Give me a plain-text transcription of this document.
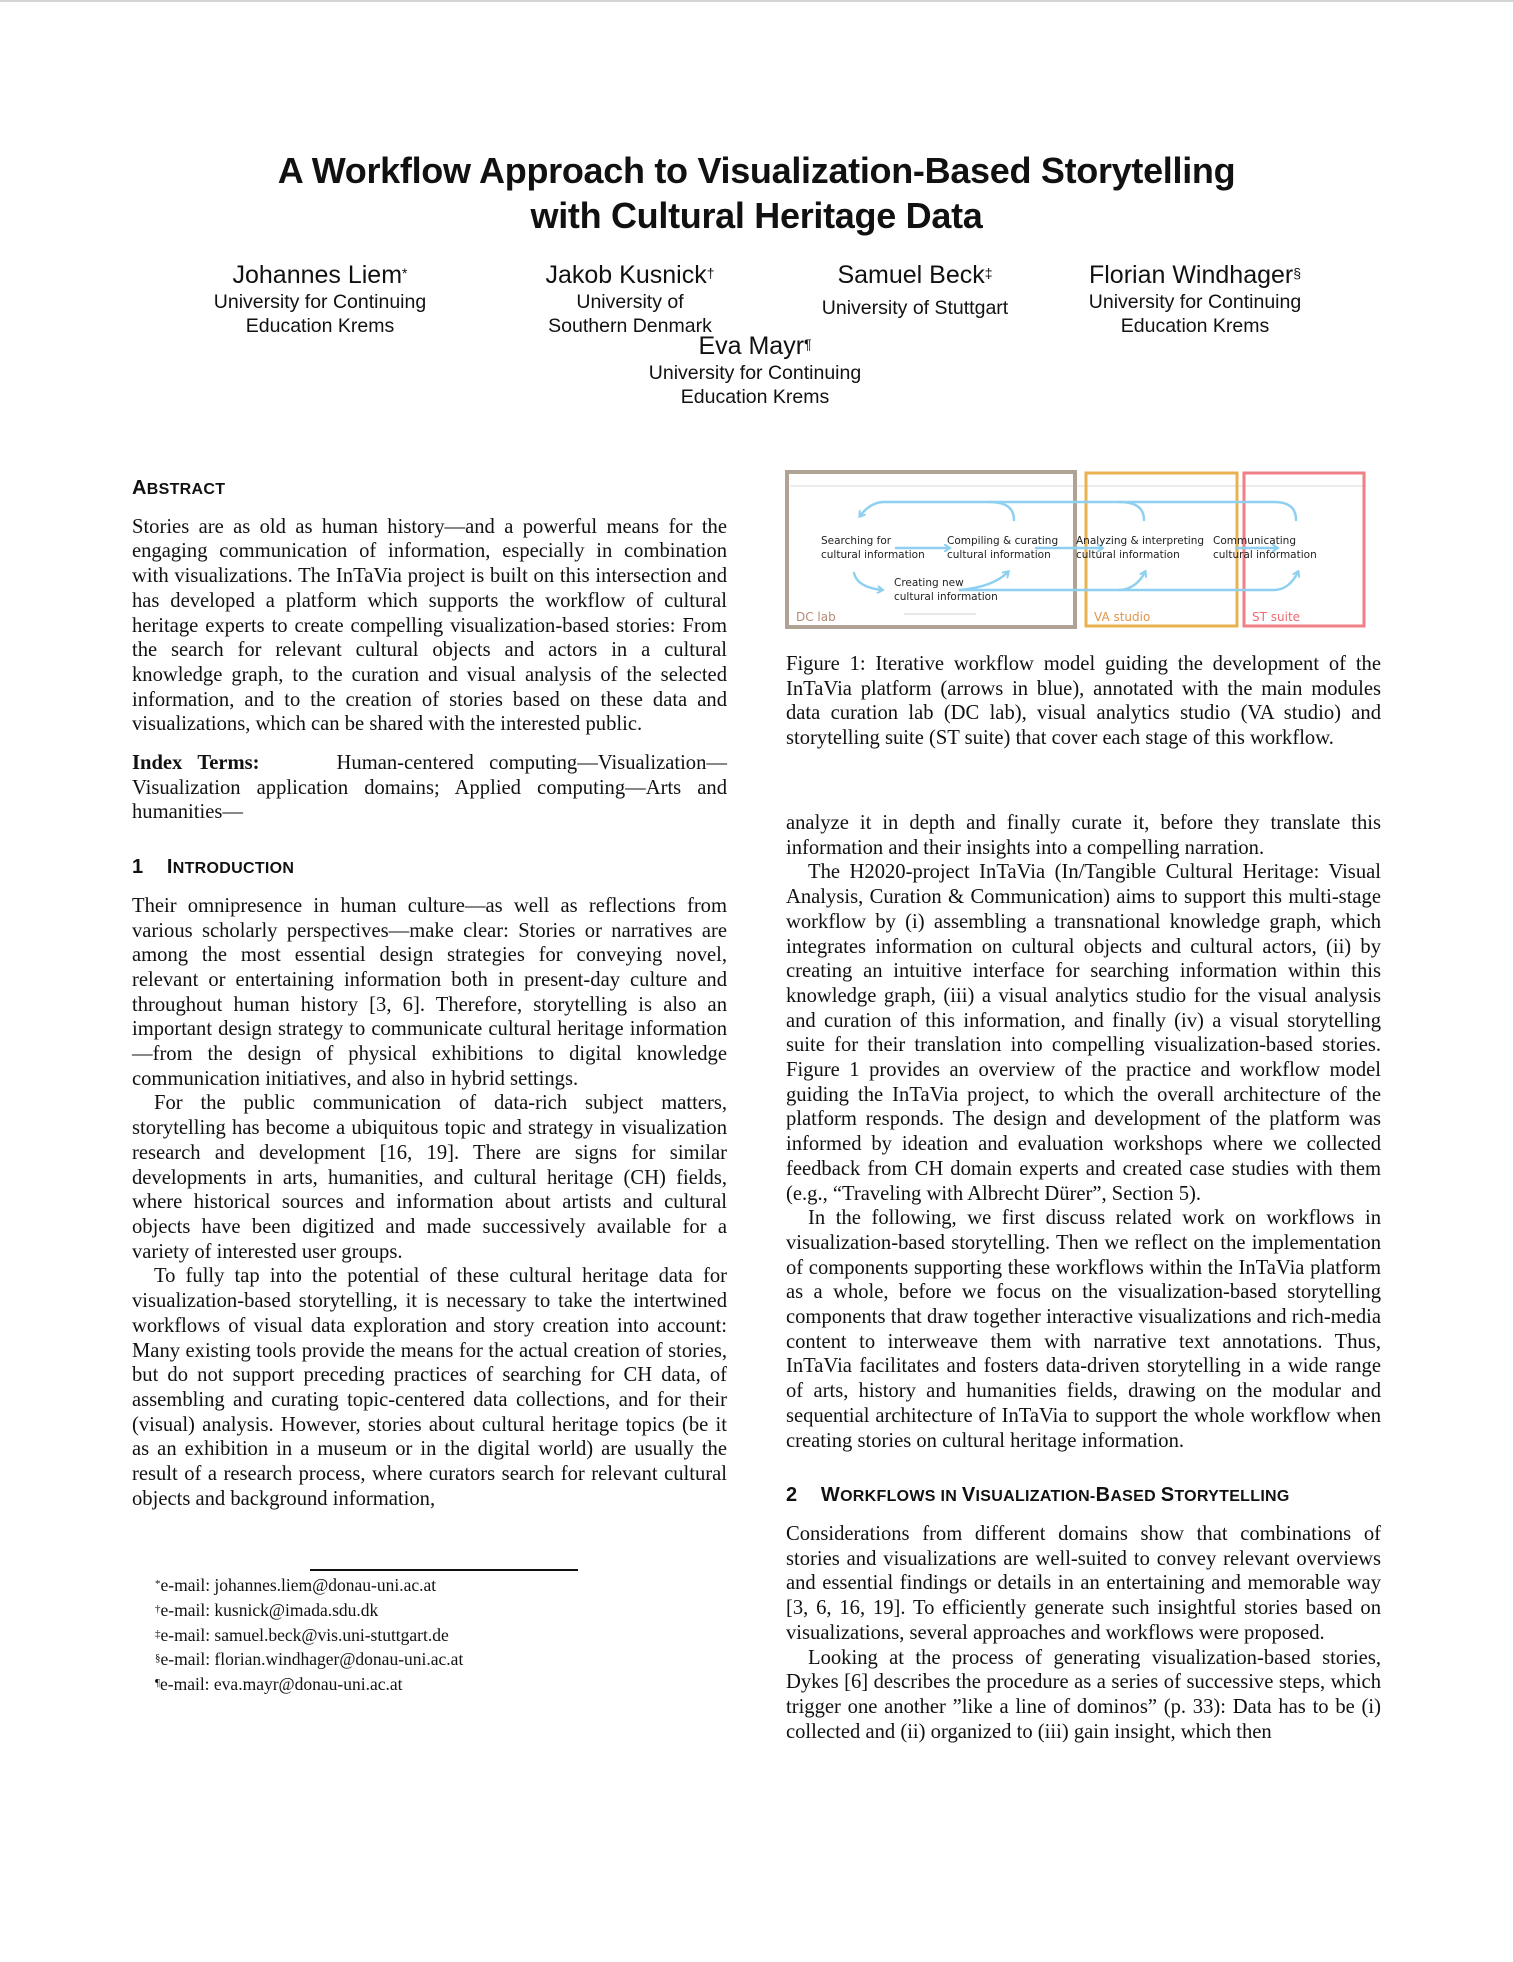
A Workflow Approach to Visualization-Based Storytelling
with Cultural Heritage Data
Johannes Liem*
University for Continuing
Education Krems
Jakob Kusnick†
University of
Southern Denmark
Samuel Beck‡
University of Stuttgart
Florian Windhager§
University for Continuing
Education Krems
Eva Mayr¶
University for Continuing
Education Krems
ABSTRACT

Stories are as old as human history—and a powerful means for the engaging communication of information, especially in combination with visualizations. The InTaVia project is built on this intersection and has developed a platform which supports the workflow of cultural heritage experts to create compelling visualization-based stories: From the search for relevant cultural objects and actors in a cultural knowledge graph, to the curation and visual analysis of the selected information, and to the creation of stories based on these data and visualizations, which can be shared with the interested public.

Index Terms:	Human-centered computing—Visualization—Visualization application domains; Applied computing—Arts and humanities—

1 INTRODUCTION

Their omnipresence in human culture—as well as reflections from various scholarly perspectives—make clear: Stories or narratives are among the most essential design strategies for conveying novel, relevant or entertaining information both in present-day culture and throughout human history [3, 6]. Therefore, storytelling is also an important design strategy to communicate cultural heritage information—from the design of physical exhibitions to digital knowledge communication initiatives, and also in hybrid settings.

For the public communication of data-rich subject matters, storytelling has become a ubiquitous topic and strategy in visualization research and development [16, 19]. There are signs for similar developments in arts, humanities, and cultural heritage (CH) fields, where historical sources and information about artists and cultural objects have been digitized and made successively available for a variety of interested user groups.

To fully tap into the potential of these cultural heritage data for visualization-based storytelling, it is necessary to take the intertwined workflows of visual data exploration and story creation into account: Many existing tools provide the means for the actual creation of stories, but do not support preceding practices of searching for CH data, of assembling and curating topic-centered data collections, and for their (visual) analysis. However, stories about cultural heritage topics (be it as an exhibition in a museum or in the digital world) are usually the result of a research process, where curators search for relevant cultural objects and background information,

*e-mail: johannes.liem@donau-uni.ac.at
†e-mail: kusnick@imada.sdu.dk
‡e-mail: samuel.beck@vis.uni-stuttgart.de
§e-mail: florian.windhager@donau-uni.ac.at
¶e-mail: eva.mayr@donau-uni.ac.at
Searching for cultural information
Compiling & curating cultural information
Creating new cultural information
Analyzing & interpreting cultural information
Communicating cultural information
DC lab	VA studio	ST suite
Figure 1: Iterative workflow model guiding the development of the InTaVia platform (arrows in blue), annotated with the main modules data curation lab (DC lab), visual analytics studio (VA studio) and storytelling suite (ST suite) that cover each stage of this workflow.

analyze it in depth and finally curate it, before they translate this information and their insights into a compelling narration.

The H2020-project InTaVia (In/Tangible Cultural Heritage: Visual Analysis, Curation & Communication) aims to support this multi-stage workflow by (i) assembling a transnational knowledge graph, which integrates information on cultural objects and cultural actors, (ii) by creating an intuitive interface for searching information within this knowledge graph, (iii) a visual analytics studio for the visual analysis and curation of this information, and finally (iv) a visual storytelling suite for their translation into compelling visualization-based stories. Figure 1 provides an overview of the practice and workflow model guiding the InTaVia project, to which the overall architecture of the platform responds. The design and development of the platform was informed by ideation and evaluation workshops where we collected feedback from CH domain experts and created case studies with them (e.g., “Traveling with Albrecht Dürer”, Section 5).

In the following, we first discuss related work on workflows in visualization-based storytelling. Then we reflect on the implementation of components supporting these workflows within the InTaVia platform as a whole, before we focus on the visualization-based storytelling components that draw together interactive visualizations and rich-media content to interweave them with narrative text annotations. Thus, InTaVia facilitates and fosters data-driven storytelling in a wide range of arts, history and humanities fields, drawing on the modular and sequential architecture of InTaVia to support the whole workflow when creating stories on cultural heritage information.

2 WORKFLOWS IN VISUALIZATION-BASED STORYTELLING

Considerations from different domains show that combinations of stories and visualizations are well-suited to convey relevant overviews and essential findings or details in an entertaining and memorable way [3, 6, 16, 19]. To efficiently generate such insightful stories based on visualizations, several approaches and workflows were proposed.

Looking at the process of generating visualization-based stories, Dykes [6] describes the procedure as a series of successive steps, which trigger one another ”like a line of dominos” (p. 33): Data has to be (i) collected and (ii) organized to (iii) gain insight, which then
